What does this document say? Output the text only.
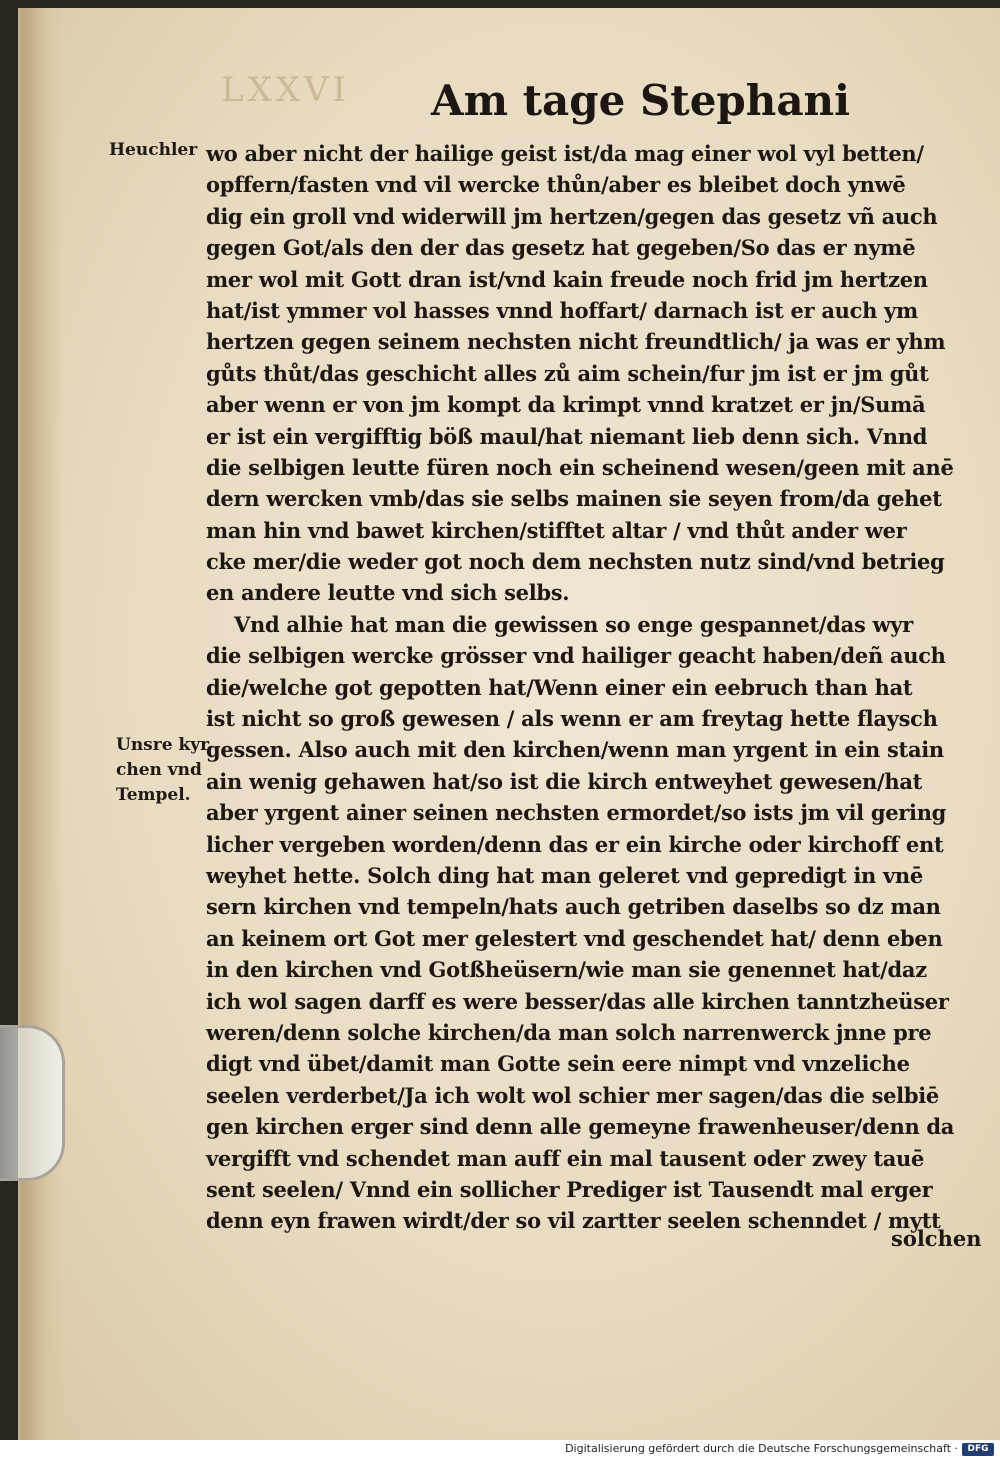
LXXVI Am tage Stephani
Heuchler
Unsre kyr
chen vnd
Tempel.
wo aber nicht der hailige geist ist/da mag einer wol vyl betten/
opffern/fasten vnd vil wercke thůn/aber es bleibet doch ynwē
dig ein groll vnd widerwill jm hertzen/gegen das gesetz vñ auch
gegen Got/als den der das gesetz hat gegeben/So das er nymē
mer wol mit Gott dran ist/vnd kain freude noch frid jm hertzen
hat/ist ymmer vol hasses vnnd hoffart/ darnach ist er auch ym
hertzen gegen seinem nechsten nicht freundtlich/ ja was er yhm
gůts thůt/das geschicht alles zů aim schein/fur jm ist er jm gůt
aber wenn er von jm kompt da krimpt vnnd kratzet er jn/Sumā
er ist ein vergifftig böß maul/hat niemant lieb denn sich. Vnnd
die selbigen leutte füren noch ein scheinend wesen/geen mit anē
dern wercken vmb/das sie selbs mainen sie seyen from/da gehet
man hin vnd bawet kirchen/stifftet altar / vnd thůt ander wer
cke mer/die weder got noch dem nechsten nutz sind/vnd betrieg
en andere leutte vnd sich selbs.
Vnd alhie hat man die gewissen so enge gespannet/das wyr
die selbigen wercke grösser vnd hailiger geacht haben/deñ auch
die/welche got gepotten hat/Wenn einer ein eebruch than hat
ist nicht so groß gewesen / als wenn er am freytag hette flaysch
gessen. Also auch mit den kirchen/wenn man yrgent in ein stain
ain wenig gehawen hat/so ist die kirch entweyhet gewesen/hat
aber yrgent ainer seinen nechsten ermordet/so ists jm vil gering
licher vergeben worden/denn das er ein kirche oder kirchoff ent
weyhet hette. Solch ding hat man geleret vnd gepredigt in vnē
sern kirchen vnd tempeln/hats auch getriben daselbs so dz man
an keinem ort Got mer gelestert vnd geschendet hat/ denn eben
in den kirchen vnd Gotßheüsern/wie man sie genennet hat/daz
ich wol sagen darff es were besser/das alle kirchen tanntzheüser
weren/denn solche kirchen/da man solch narrenwerck jnne pre
digt vnd übet/damit man Gotte sein eere nimpt vnd vnzeliche
seelen verderbet/Ja ich wolt wol schier mer sagen/das die selbiē
gen kirchen erger sind denn alle gemeyne frawenheuser/denn da
vergifft vnd schendet man auff ein mal tausent oder zwey tauē
sent seelen/ Vnnd ein sollicher Prediger ist Tausendt mal erger
denn eyn frawen wirdt/der so vil zartter seelen schenndet / mytt
solchen
Digitalisierung gefördert durch die Deutsche Forschungsgemeinschaft ·	DFG
